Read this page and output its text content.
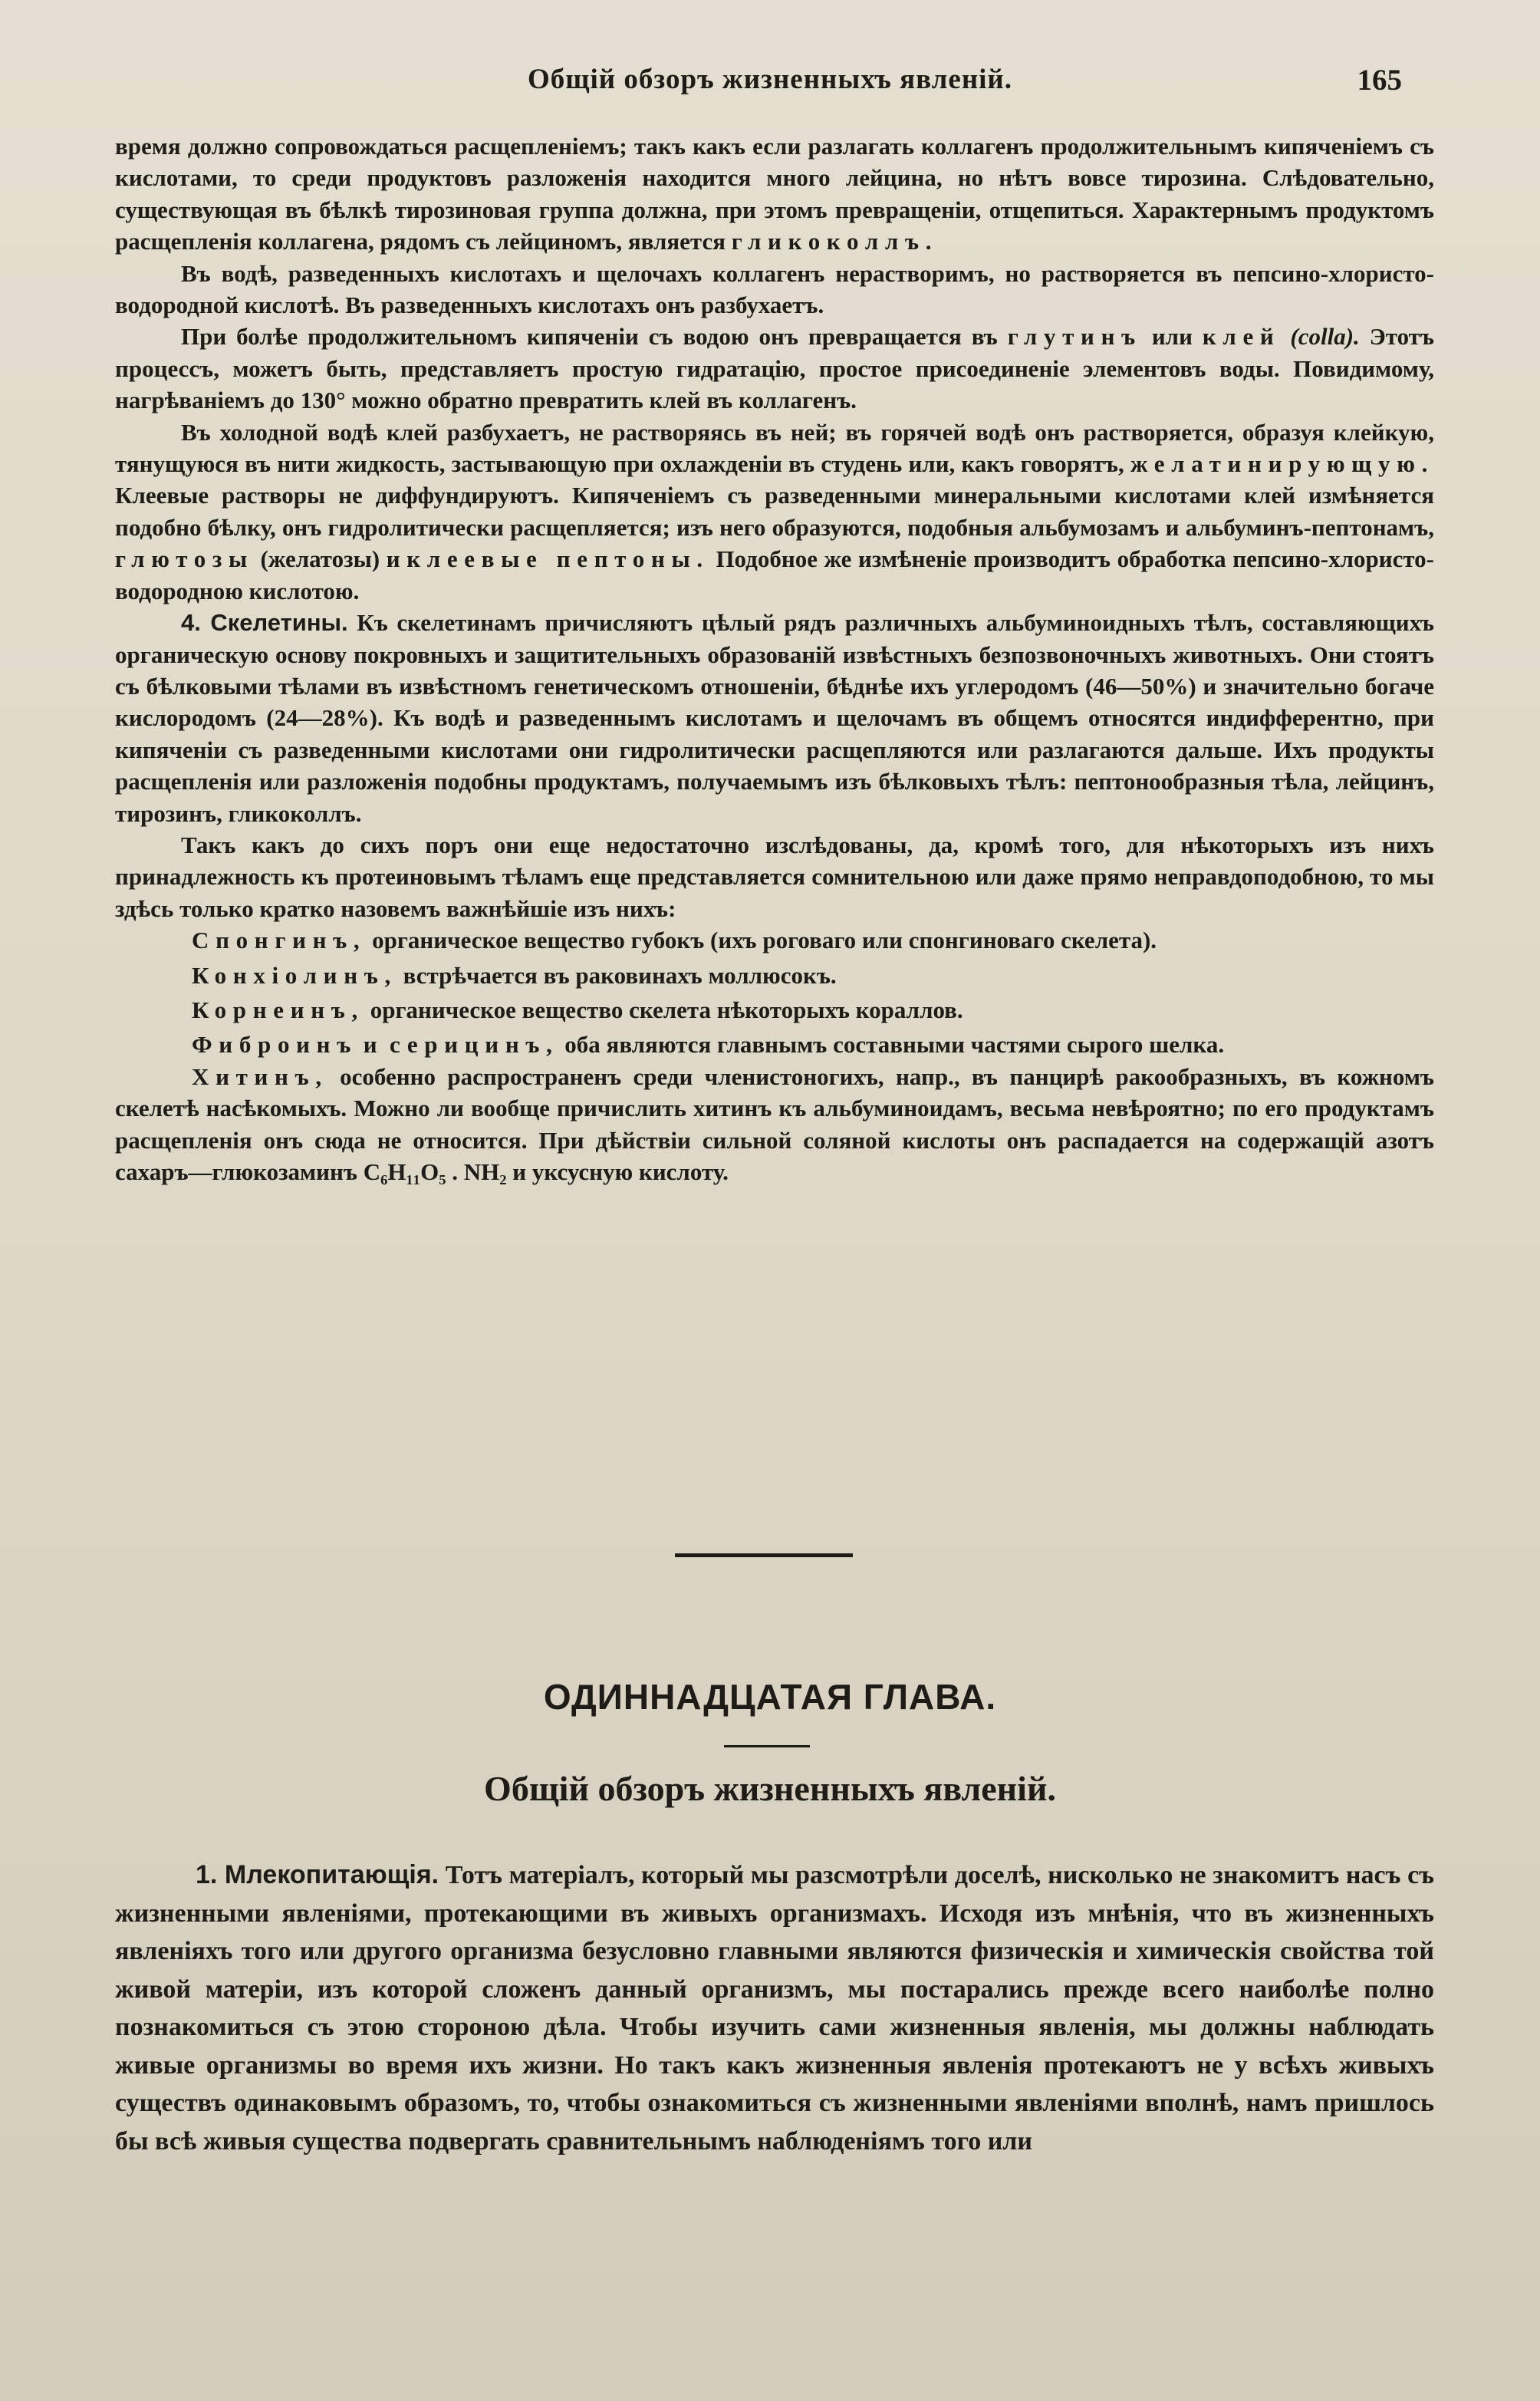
Общій обзоръ жизненныхъ явленій.	165

время должно сопровождаться расщепленіемъ; такъ какъ если разлагать коллагенъ продолжительнымъ кипяченіемъ съ кислотами, то среди продуктовъ разложенія находится много лейцина, но нѣтъ вовсе тирозина. Слѣдовательно, существующая въ бѣлкѣ тирозиновая группа должна, при этомъ превращеніи, отщепиться. Характернымъ продуктомъ расщепленія коллагена, рядомъ съ лейциномъ, является гликоколлъ.

Въ водѣ, разведенныхъ кислотахъ и щелочахъ коллагенъ нерастворимъ, но растворяется въ пепсино-хлористо-водородной кислотѣ. Въ разведенныхъ кислотахъ онъ разбухаетъ.

При болѣе продолжительномъ кипяченіи съ водою онъ превращается въ глутинъ или клей (colla). Этотъ процессъ, можетъ быть, представляетъ простую гидратацію, простое присоединеніе элементовъ воды. Повидимому, нагрѣваніемъ до 130° можно обратно превратить клей въ коллагенъ.

Въ холодной водѣ клей разбухаетъ, не растворяясь въ ней; въ горячей водѣ онъ растворяется, образуя клейкую, тянущуюся въ нити жидкость, застывающую при охлажденіи въ студень или, какъ говорятъ, желатинирующую. Клеевые растворы не диффундируютъ. Кипяченіемъ съ разведенными минеральными кислотами клей измѣняется подобно бѣлку, онъ гидролитически расщепляется; изъ него образуются, подобныя альбумозамъ и альбуминъ-пептонамъ, глютозы (желатозы) и клеевые пептоны. Подобное же измѣненіе производитъ обработка пепсино-хлористо-водородною кислотою.

4. Скелетины. Къ скелетинамъ причисляютъ цѣлый рядъ различныхъ альбуминоидныхъ тѣлъ, составляющихъ органическую основу покровныхъ и защитительныхъ образованій извѣстныхъ безпозвоночныхъ животныхъ. Они стоятъ съ бѣлковыми тѣлами въ извѣстномъ генетическомъ отношеніи, бѣднѣе ихъ углеродомъ (46—50%) и значительно богаче кислородомъ (24—28%). Къ водѣ и разведеннымъ кислотамъ и щелочамъ въ общемъ относятся индифферентно, при кипяченіи съ разведенными кислотами они гидролитически расщепляются или разлагаются дальше. Ихъ продукты расщепленія или разложенія подобны продуктамъ, получаемымъ изъ бѣлковыхъ тѣлъ: пептонообразныя тѣла, лейцинъ, тирозинъ, гликоколлъ.

Такъ какъ до сихъ поръ они еще недостаточно изслѣдованы, да, кромѣ того, для нѣкоторыхъ изъ нихъ принадлежность къ протеиновымъ тѣламъ еще представляется сомнительною или даже прямо неправдоподобною, то мы здѣсь только кратко назовемъ важнѣйшіе изъ нихъ:

Спонгинъ, органическое вещество губокъ (ихъ роговаго или спонгиноваго скелета).

Конхіолинъ, встрѣчается въ раковинахъ моллюсокъ.

Корнеинъ, органическое вещество скелета нѣкоторыхъ кораллов.

Фиброинъ и серицинъ, оба являются главнымъ составными частями сырого шелка.

Хитинъ, особенно распространенъ среди членистоногихъ, напр., въ панцирѣ ракообразныхъ, въ кожномъ скелетѣ насѣкомыхъ. Можно ли вообще причислить хитинъ къ альбуминоидамъ, весьма невѣроятно; по его продуктамъ расщепленія онъ сюда не относится. При дѣйствіи сильной соляной кислоты онъ распадается на содержащій азотъ сахаръ—глюкозаминъ C₆H₁₁O₅ . NH₂ и уксусную кислоту.

ОДИННАДЦАТАЯ ГЛАВА.
Общій обзоръ жизненныхъ явленій.

1. Млекопитающія. Тотъ матеріалъ, который мы разсмотрѣли доселѣ, нисколько не знакомитъ насъ съ жизненными явленіями, протекающими въ живыхъ организмахъ. Исходя изъ мнѣнія, что въ жизненныхъ явленіяхъ того или другого организма безусловно главными являются физическія и химическія свойства той живой матеріи, изъ которой сложенъ данный организмъ, мы постарались прежде всего наиболѣе полно познакомиться съ этою стороною дѣла. Чтобы изучить сами жизненныя явленія, мы должны наблюдать живые организмы во время ихъ жизни. Но такъ какъ жизненныя явленія протекаютъ не у всѣхъ живыхъ существъ одинаковымъ образомъ, то, чтобы ознакомиться съ жизненными явленіями вполнѣ, намъ пришлось бы всѣ живыя существа подвергать сравнительнымъ наблюденіямъ того или
